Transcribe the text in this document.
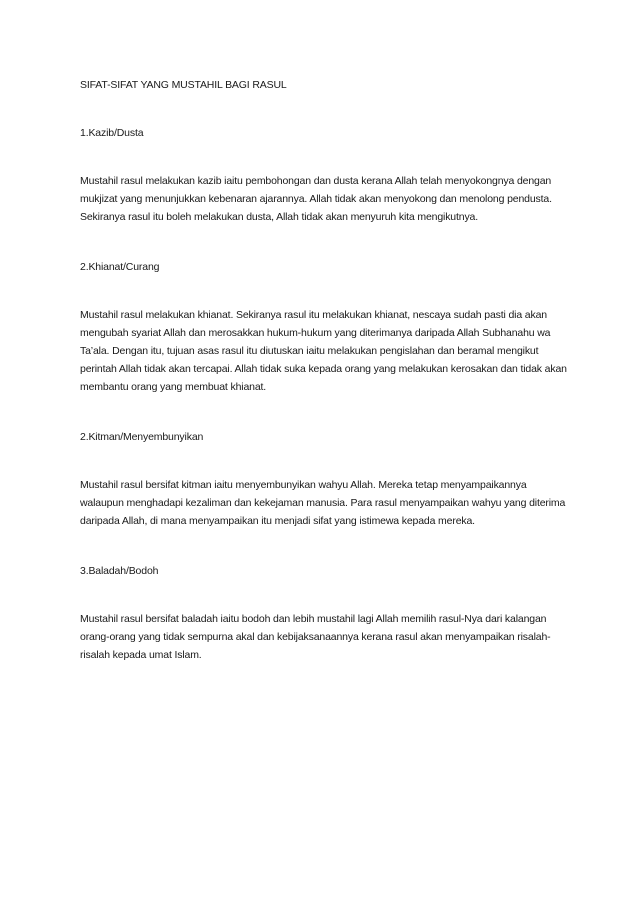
SIFAT-SIFAT YANG MUSTAHIL BAGI RASUL

1.Kazib/Dusta

Mustahil rasul melakukan kazib iaitu pembohongan dan dusta kerana Allah telah menyokongnya dengan mukjizat yang menunjukkan kebenaran ajarannya. Allah tidak akan menyokong dan menolong pendusta. Sekiranya rasul itu boleh melakukan dusta, Allah tidak akan menyuruh kita mengikutnya.

2.Khianat/Curang

Mustahil rasul melakukan khianat. Sekiranya rasul itu melakukan khianat, nescaya sudah pasti dia akan mengubah syariat Allah dan merosakkan hukum-hukum yang diterimanya daripada Allah Subhanahu wa Ta’ala. Dengan itu, tujuan asas rasul itu diutuskan iaitu melakukan pengislahan dan beramal mengikut perintah Allah tidak akan tercapai. Allah tidak suka kepada orang yang melakukan kerosakan dan tidak akan membantu orang yang membuat khianat.

2.Kitman/Menyembunyikan

Mustahil rasul bersifat kitman iaitu menyembunyikan wahyu Allah. Mereka tetap menyampaikannya walaupun menghadapi kezaliman dan kekejaman manusia. Para rasul menyampaikan wahyu yang diterima daripada Allah, di mana menyampaikan itu menjadi sifat yang istimewa kepada mereka.

3.Baladah/Bodoh

Mustahil rasul bersifat baladah iaitu bodoh dan lebih mustahil lagi Allah memilih rasul-Nya dari kalangan orang-orang yang tidak sempurna akal dan kebijaksanaannya kerana rasul akan menyampaikan risalah-risalah kepada umat Islam.
